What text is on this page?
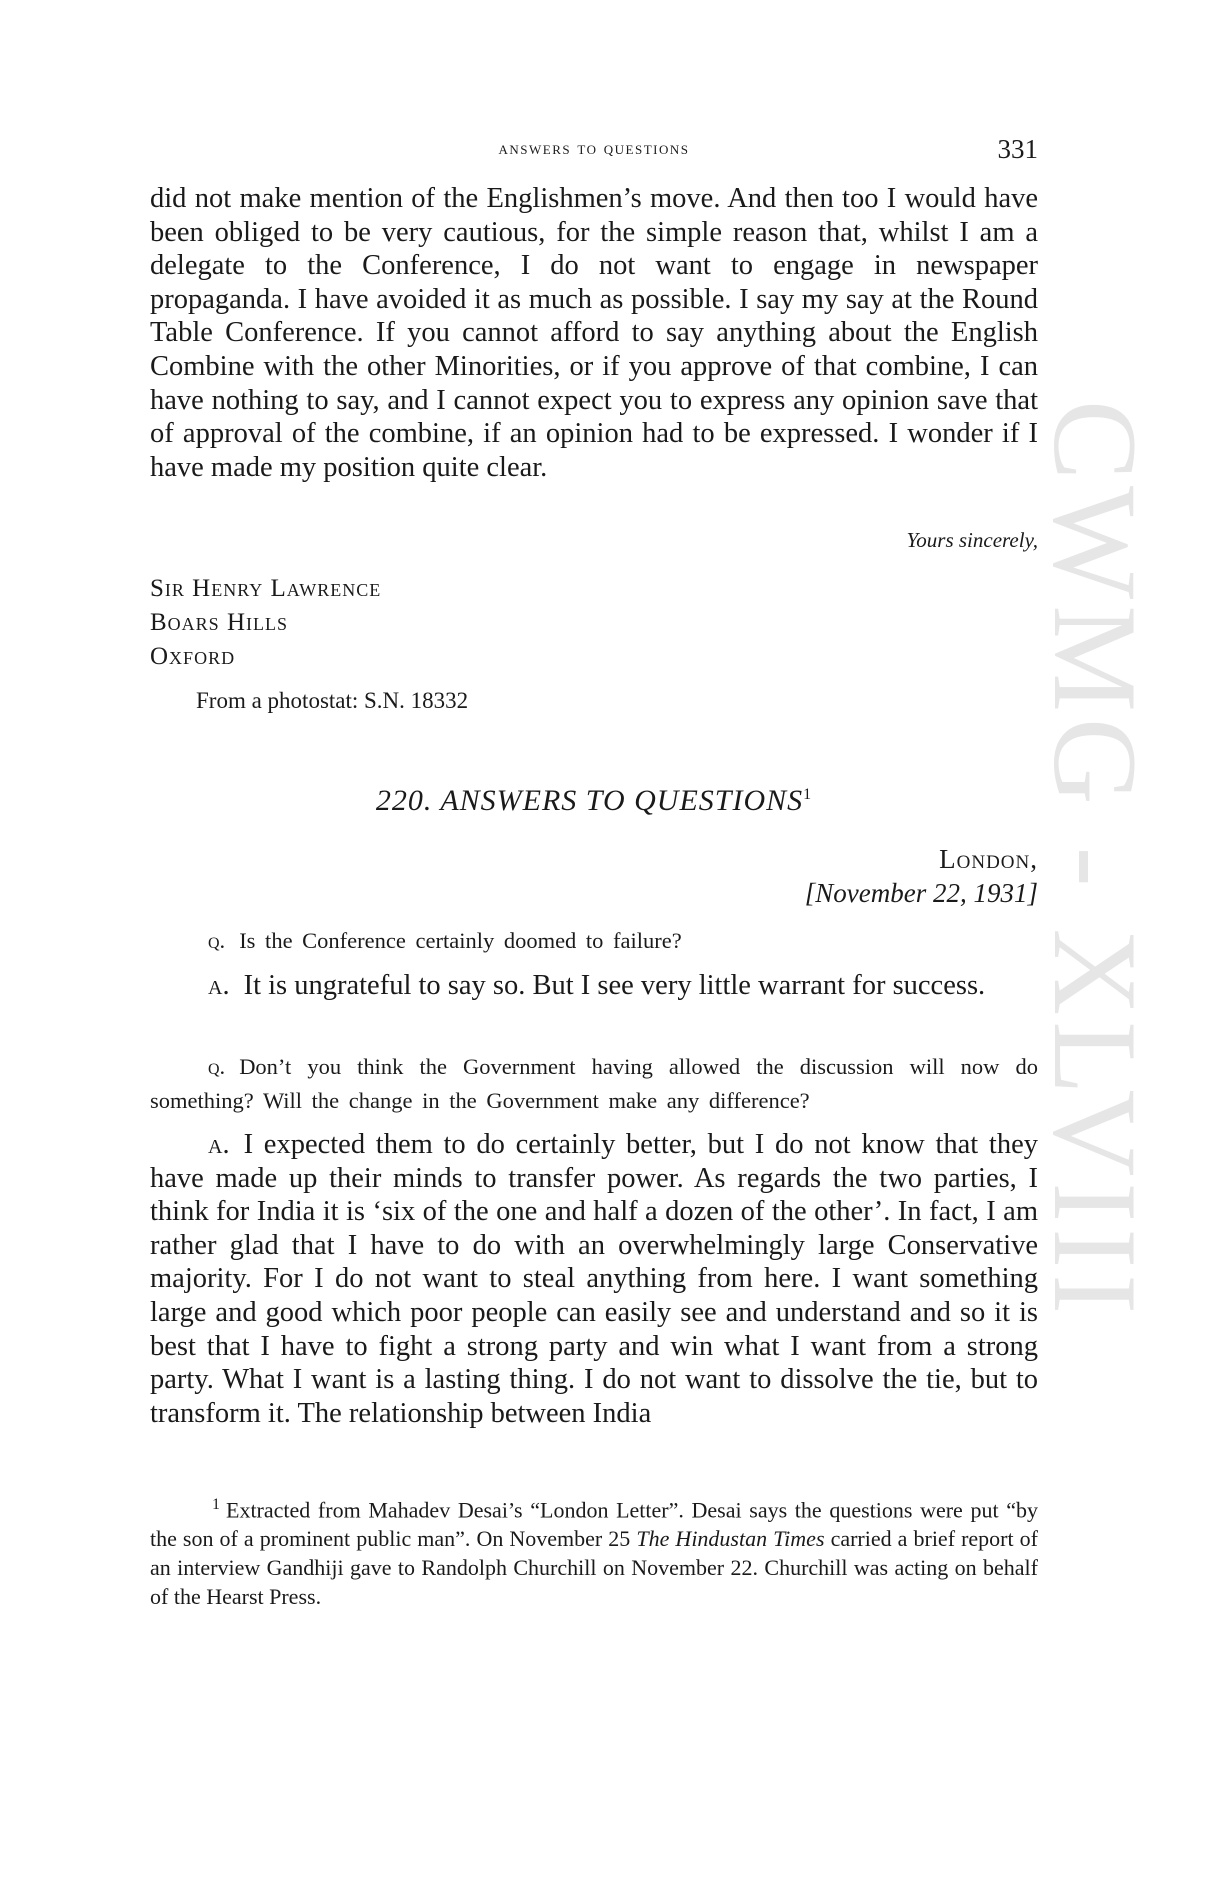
CWMG - XLVIII
answers to questions	331

did not make mention of the Englishmen’s move. And then too I would have been obliged to be very cautious, for the simple reason that, whilst I am a delegate to the Conference, I do not want to engage in newspaper propaganda. I have avoided it as much as possible. I say my say at the Round Table Conference. If you cannot afford to say anything about the English Combine with the other Minorities, or if you approve of that combine, I can have nothing to say, and I cannot expect you to express any opinion save that of approval of the combine, if an opinion had to be expressed. I wonder if I have made my position quite clear.

Yours sincerely,
Sir Henry Lawrence
Boars Hills
Oxford
From a photostat: S.N. 18332
220. ANSWERS TO QUESTIONS$^1$
London,
[November 22, 1931]
q. Is the Conference certainly doomed to failure?
a. It is ungrateful to say so. But I see very little warrant for success.
q. Don’t you think the Government having allowed the discussion will now do something? Will the change in the Government make any difference?
a. I expected them to do certainly better, but I do not know that they have made up their minds to transfer power. As regards the two parties, I think for India it is ‘six of the one and half a dozen of the other’. In fact, I am rather glad that I have to do with an overwhelmingly large Conservative majority. For I do not want to steal anything from here. I want something large and good which poor people can easily see and understand and so it is best that I have to fight a strong party and win what I want from a strong party. What I want is a lasting thing. I do not want to dissolve the tie, but to transform it. The relationship between India
$^1$ Extracted from Mahadev Desai’s “London Letter”. Desai says the questions were put “by the son of a prominent public man”. On November 25 The Hindustan Times carried a brief report of an interview Gandhiji gave to Randolph Churchill on November 22. Churchill was acting on behalf of the Hearst Press.
